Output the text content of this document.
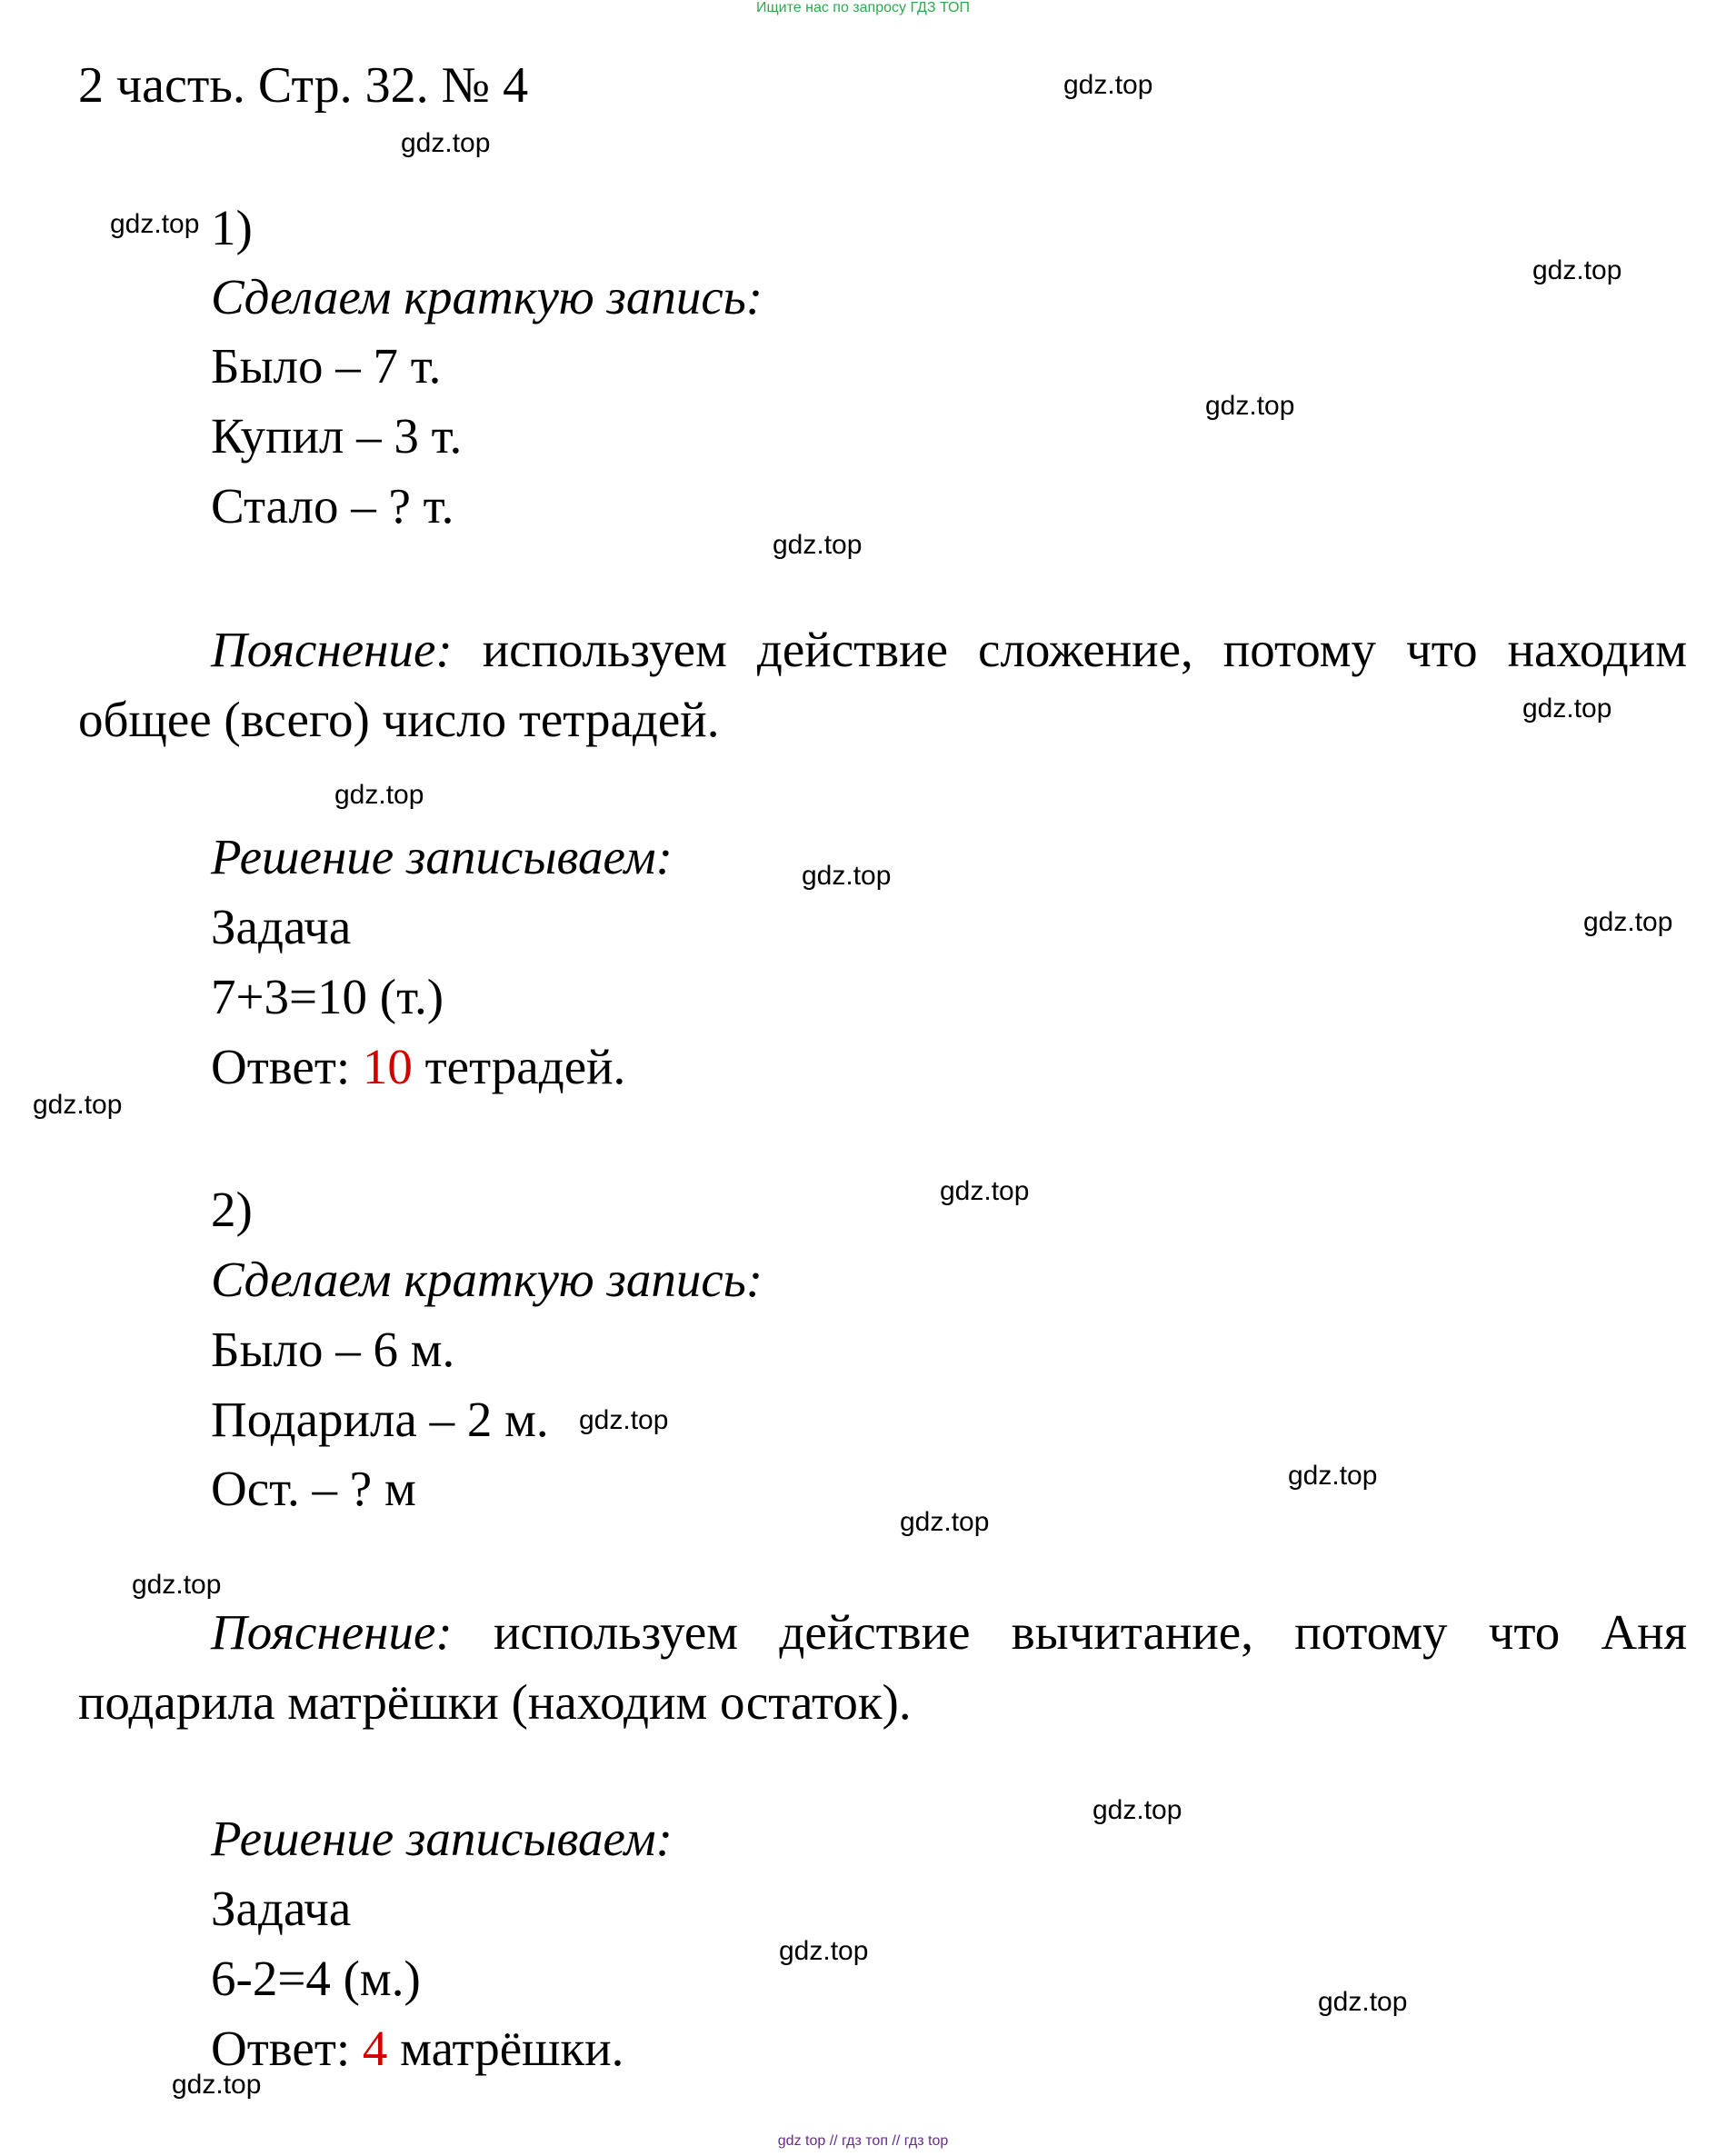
Ищите нас по запросу ГДЗ ТОП
2 часть. Стр. 32. № 4
1)
Сделаем краткую запись:
Было – 7 т.
Купил – 3 т.
Стало – ? т.
Пояснение: используем действие сложение, потому что находим общее (всего) число тетрадей.
Решение записываем:
Задача
7+3=10 (т.)
Ответ: 10 тетрадей.
2)
Сделаем краткую запись:
Было – 6 м.
Подарила – 2 м.
Ост. – ? м
Пояснение: используем действие вычитание, потому что Аня подарила матрёшки (находим остаток).
Решение записываем:
Задача
6-2=4 (м.)
Ответ: 4 матрёшки.
gdz.top
gdz.top
gdz.top
gdz.top
gdz.top
gdz.top
gdz.top
gdz.top
gdz.top
gdz.top
gdz.top
gdz.top
gdz.top
gdz.top
gdz.top
gdz.top
gdz.top
gdz.top
gdz.top
gdz.top
gdz top // гдз топ // гдз top
